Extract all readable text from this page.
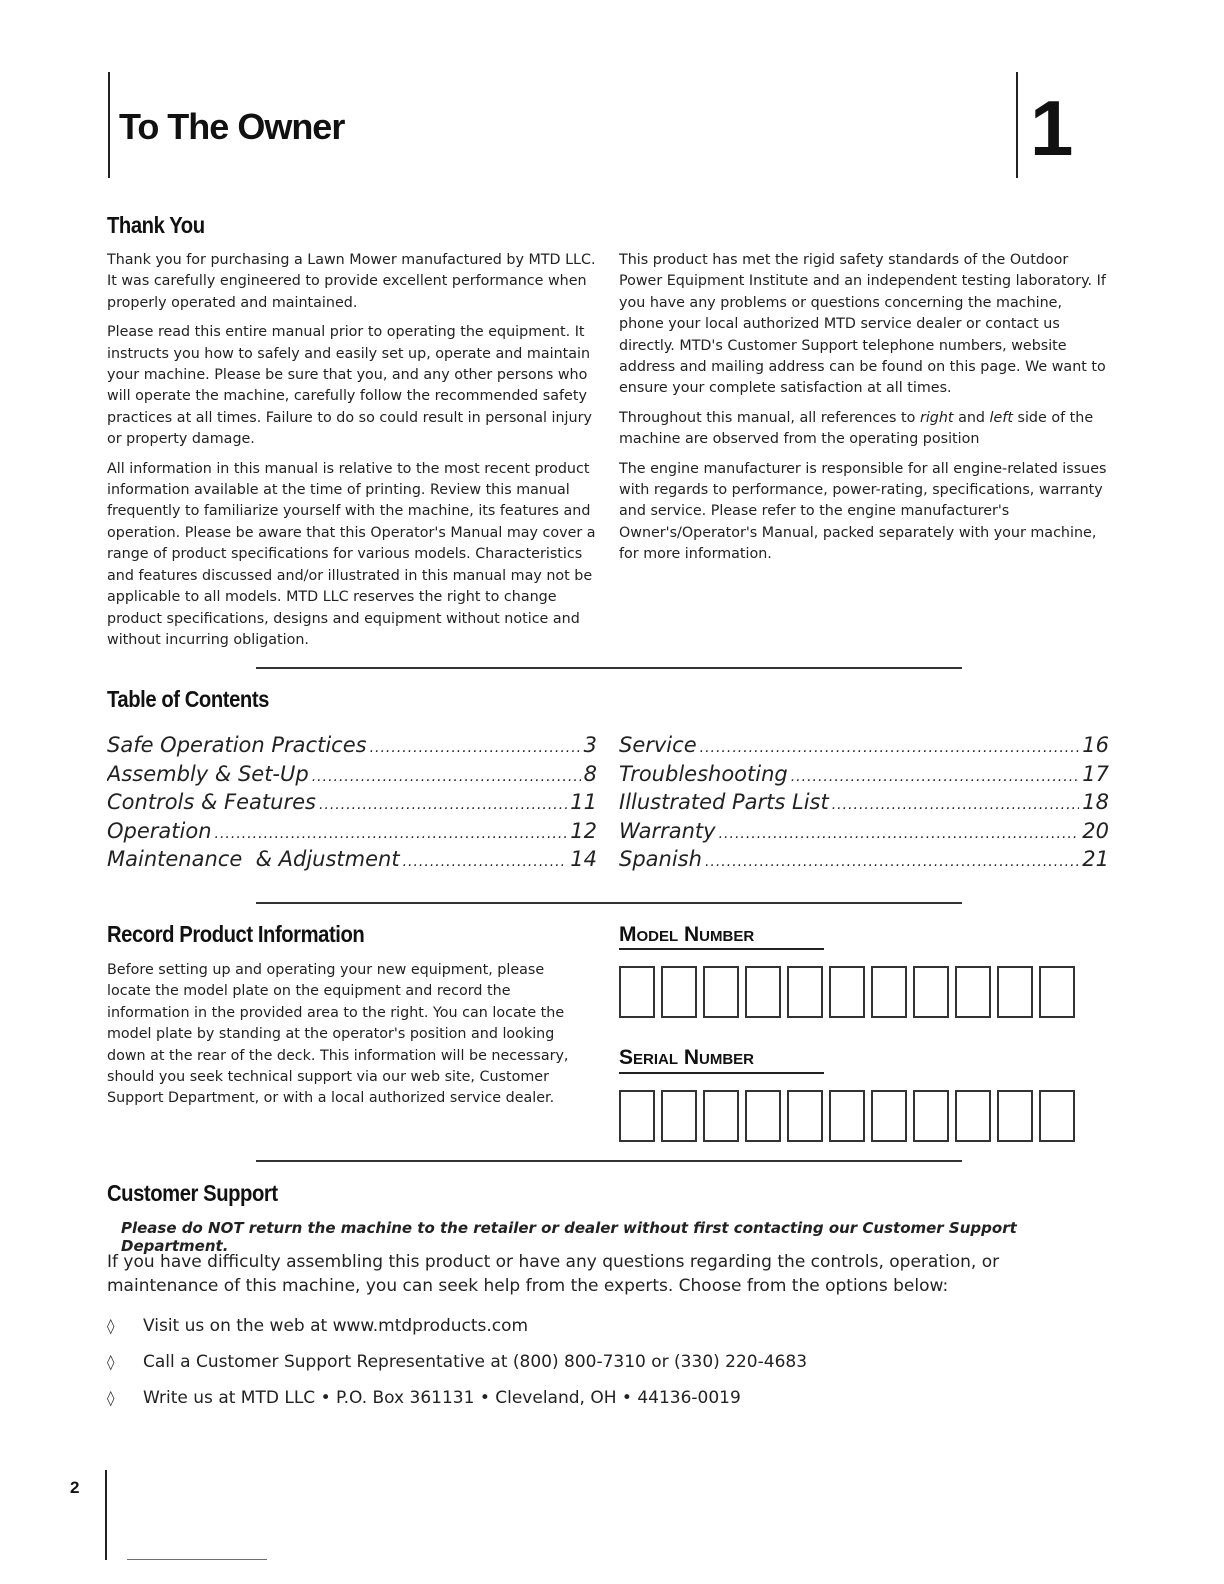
To The Owner	1
Thank You

Thank you for purchasing a Lawn Mower manufactured by MTD LLC. It was carefully engineered to provide excellent performance when properly operated and maintained.

Please read this entire manual prior to operating the equipment. It instructs you how to safely and easily set up, operate and maintain your machine. Please be sure that you, and any other persons who will operate the machine, carefully follow the recommended safety practices at all times. Failure to do so could result in personal injury or property damage.

All information in this manual is relative to the most recent product information available at the time of printing. Review this manual frequently to familiarize yourself with the machine, its features and operation. Please be aware that this Operator's Manual may cover a range of product specifications for various models. Characteristics and features discussed and/or illustrated in this manual may not be applicable to all models. MTD LLC reserves the right to change product specifications, designs and equipment without notice and without incurring obligation.

This product has met the rigid safety standards of the Outdoor Power Equipment Institute and an independent testing laboratory. If you have any problems or questions concerning the machine, phone your local authorized MTD service dealer or contact us directly. MTD's Customer Support telephone numbers, website address and mailing address can be found on this page. We want to ensure your complete satisfaction at all times.

Throughout this manual, all references to right and left side of the machine are observed from the operating position

The engine manufacturer is responsible for all engine-related issues with regards to performance, power-rating, specifications, warranty and service. Please refer to the engine manufacturer's Owner's/Operator's Manual, packed separately with your machine, for more information.

Table of Contents
Safe Operation Practices .....	3
Assembly & Set-Up .....	8
Controls & Features .....	11
Operation .....	12
Maintenance  & Adjustment .....	14
Service .....	16
Troubleshooting .....	17
Illustrated Parts List .....	18
Warranty .....	20
Spanish .....	21
Record Product Information
Before setting up and operating your new equipment, please locate the model plate on the equipment and record the information in the provided area to the right. You can locate the model plate by standing at the operator's position and looking down at the rear of the deck. This information will be necessary, should you seek technical support via our web site, Customer Support Department, or with a local authorized service dealer.
Model Number
Serial Number
Customer Support
Please do NOT return the machine to the retailer or dealer without first contacting our Customer Support Department.
If you have difficulty assembling this product or have any questions regarding the controls, operation, or maintenance of this machine, you can seek help from the experts. Choose from the options below:
◊	Visit us on the web at www.mtdproducts.com
◊	Call a Customer Support Representative at (800) 800-7310 or (330) 220-4683
◊	Write us at MTD LLC • P.O. Box 361131 • Cleveland, OH • 44136-0019
2
